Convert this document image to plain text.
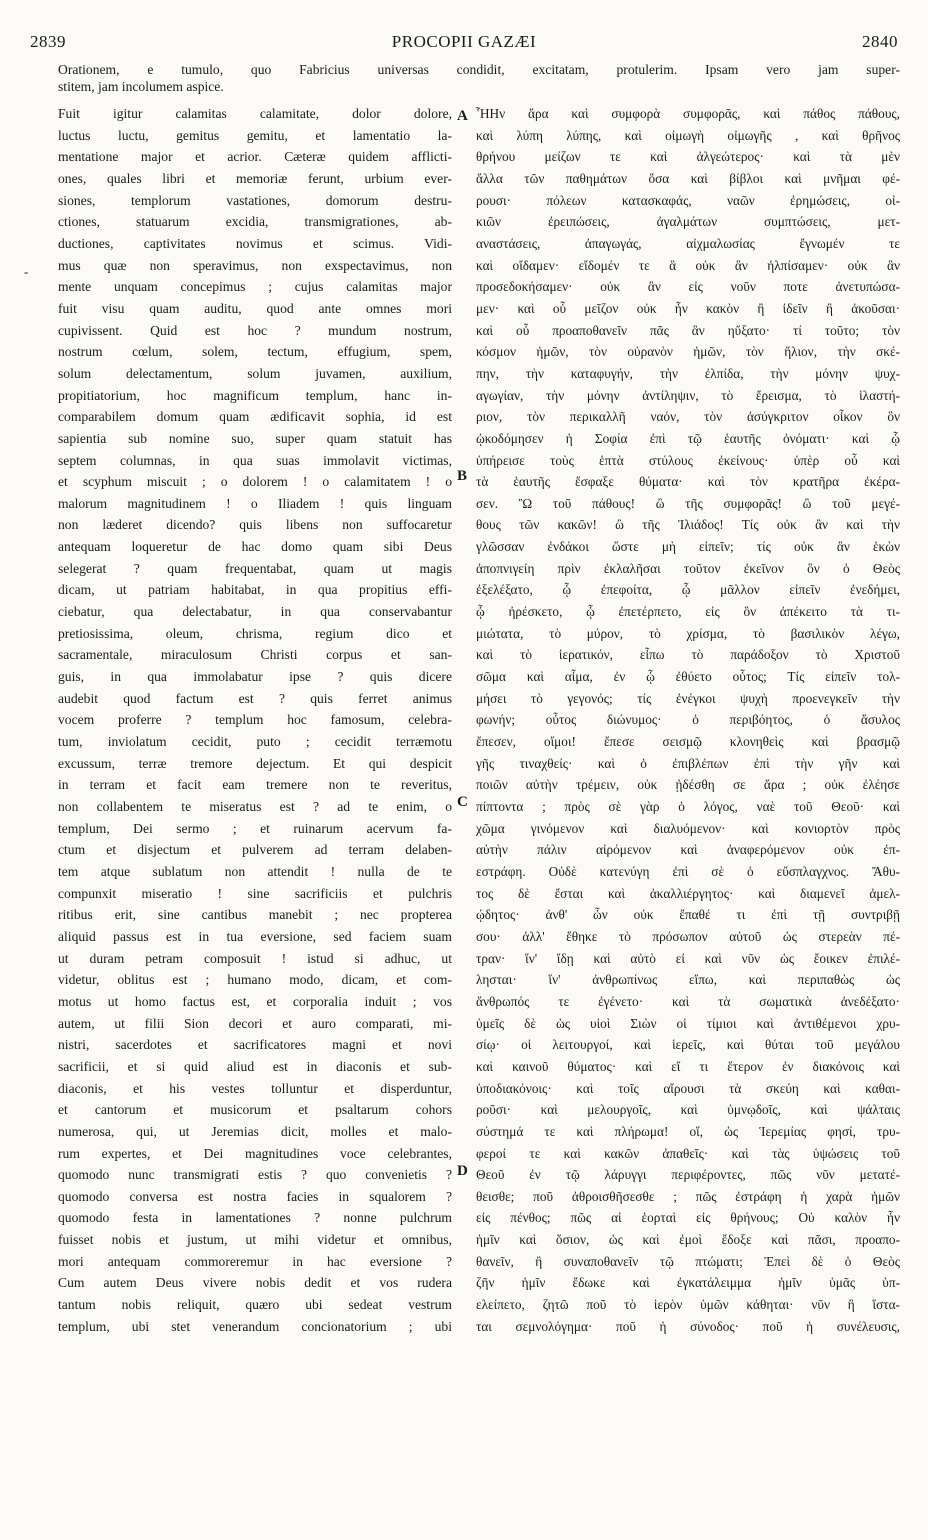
2839	PROCOPII GAZÆI	2840
Orationem, e tumulo, quo Fabricius universas condidit, excitatam, protulerim. Ipsam vero jam super-
stitem, jam incolumem aspice.
-
Fuit igitur calamitas calamitate, dolor dolore,
luctus luctu, gemitus gemitu, et lamentatio la-
mentatione major et acrior. Cæteræ quidem afflicti-
ones, quales libri et memoriæ ferunt, urbium ever-
siones, templorum vastationes, domorum destru-
ctiones, statuarum excidia, transmigrationes, ab-
ductiones, captivitates novimus et scimus. Vidi-
mus quæ non speravimus, non exspectavimus, non
mente unquam concepimus ; cujus calamitas major
fuit visu quam auditu, quod ante omnes mori
cupivissent. Quid est hoc ? mundum nostrum,
nostrum cœlum, solem, tectum, effugium, spem,
solum delectamentum, solum juvamen, auxilium,
propitiatorium, hoc magnificum templum, hanc in-
comparabilem domum quam ædificavit sophia, id est
sapientia sub nomine suo, super quam statuit has
septem columnas, in qua suas immolavit victimas,
et scyphum miscuit ; o dolorem ! o calamitatem ! o
malorum magnitudinem ! o Iliadem ! quis linguam
non læderet dicendo? quis libens non suffocaretur
antequam loqueretur de hac domo quam sibi Deus
selegerat ? quam frequentabat, quam ut magis
dicam, ut patriam habitabat, in qua propitius effi-
ciebatur, qua delectabatur, in qua conservabantur
pretiosissima, oleum, chrisma, regium dico et
sacramentale, miraculosum Christi corpus et san-
guis, in qua immolabatur ipse ? quis dicere
audebit quod factum est ? quis ferret animus
vocem proferre ? templum hoc famosum, celebra-
tum, inviolatum cecidit, puto ; cecidit terræmotu
excussum, terræ tremore dejectum. Et qui despicit
in terram et facit eam tremere non te reveritus,
non collabentem te miseratus est ? ad te enim, o
templum, Dei sermo ; et ruinarum acervum fa-
ctum et disjectum et pulverem ad terram delaben-
tem atque sublatum non attendit ! nulla de te
compunxit miseratio ! sine sacrificiis et pulchris
ritibus erit, sine cantibus manebit ; nec propterea
aliquid passus est in tua eversione, sed faciem suam
ut duram petram composuit ! istud si adhuc, ut
videtur, oblitus est ; humano modo, dicam, et com-
motus ut homo factus est, et corporalia induit ; vos
autem, ut filii Sion decori et auro comparati, mi-
nistri, sacerdotes et sacrificatores magni et novi
sacrificii, et si quid aliud est in diaconis et sub-
diaconis, et his vestes tolluntur et disperduntur,
et cantorum et musicorum et psaltarum cohors
numerosa, qui, ut Jeremias dicit, molles et malo-
rum expertes, et Dei magnitudines voce celebrantes,
quomodo nunc transmigrati estis ? quo convenietis ?
quomodo conversa est nostra facies in squalorem ?
quomodo festa in lamentationes ? nonne pulchrum
fuisset nobis et justum, ut mihi videtur et omnibus,
mori antequam commoreremur in hac eversione ?
Cum autem Deus vivere nobis dedit et vos rudera
tantum nobis reliquit, quæro ubi sedeat vestrum
templum, ubi stet venerandum concionatorium ; ubi
ἯΗν ἄρα καὶ συμφορὰ συμφορᾶς, καὶ πάθος πάθους,
καὶ λύπη λύπης, καὶ οἰμωγὴ οἰμωγῆς , καὶ θρῆνος
θρήνου μείζων τε καὶ ἀλγεώτερος· καὶ τὰ μὲν
ἄλλα τῶν παθημάτων ὅσα καὶ βίβλοι καὶ μνῆμαι φέ-
ρουσι· πόλεων κατασκαφάς, ναῶν ἐρημώσεις, οἰ-
κιῶν ἐρειπώσεις, ἀγαλμάτων συμπτώσεις, μετ-
αναστάσεις, ἀπαγωγάς, αἰχμαλωσίας ἔγνωμέν τε
καὶ οἴδαμεν· εἴδομέν τε ἃ οὐκ ἂν ἠλπίσαμεν· οὐκ ἂν
προσεδοκήσαμεν· οὐκ ἂν εἰς νοῦν ποτε ἀνετυπώσα-
μεν· καὶ οὗ μεῖζον οὐκ ἦν κακὸν ἢ ἰδεῖν ἢ ἀκοῦσαι·
καὶ οὗ προαποθανεῖν πᾶς ἂν ηὔξατο· τί τοῦτο; τὸν
κόσμον ἡμῶν, τὸν οὐρανὸν ἡμῶν, τὸν ἥλιον, τὴν σκέ-
πην, τὴν καταφυγήν, τὴν ἐλπίδα, τὴν μόνην ψυχ-
αγωγίαν, τὴν μόνην ἀντίληψιν, τὸ ἔρεισμα, τὸ ἱλαστή-
ριον, τὸν περικαλλῆ ναόν, τὸν ἀσύγκριτον οἶκον ὃν
ᾠκοδόμησεν ἡ Σοφία ἐπὶ τῷ ἑαυτῆς ὀνόματι· καὶ ᾧ
ὑπήρεισε τοὺς ἑπτὰ στύλους ἐκείνους· ὑπὲρ οὗ καὶ
τὰ ἑαυτῆς ἔσφαξε θύματα· καὶ τὸν κρατῆρα ἐκέρα-
σεν. Ὢ τοῦ πάθους! ὢ τῆς συμφορᾶς! ὢ τοῦ μεγέ-
θους τῶν κακῶν! ὢ τῆς Ἰλιάδος! Τίς οὐκ ἂν καὶ τὴν
γλῶσσαν ἐνδάκοι ὥστε μὴ εἰπεῖν; τίς οὐκ ἂν ἑκὼν
ἀποπνιγείη πρὶν ἐκλαλῆσαι τοῦτον ἐκεῖνον ὃν ὁ Θεὸς
ἐξελέξατο, ᾧ ἐπεφοίτα, ᾧ μᾶλλον εἰπεῖν ἐνεδήμει,
ᾧ ἠρέσκετο, ᾧ ἐπετέρπετο, εἰς ὃν ἀπέκειτο τὰ τι-
μιώτατα, τὸ μύρον, τὸ χρίσμα, τὸ βασιλικὸν λέγω,
καὶ τὸ ἱερατικόν, εἶπω τὸ παράδοξον τὸ Χριστοῦ
σῶμα καὶ αἷμα, ἐν ᾧ ἐθύετο οὗτος; Τίς εἰπεῖν τολ-
μήσει τὸ γεγονός; τίς ἐνέγκοι ψυχὴ προενεγκεῖν τὴν
φωνήν; οὗτος διώνυμος· ὁ περιβόητος, ὁ ἄσυλος
ἔπεσεν, οἴμοι! ἔπεσε σεισμῷ κλονηθεὶς καὶ βρασμῷ
γῆς τιναχθείς· καὶ ὁ ἐπιβλέπων ἐπὶ τὴν γῆν καὶ
ποιῶν αὐτὴν τρέμειν, οὐκ ᾐδέσθη σε ἄρα ; οὐκ ἐλέησε
πίπτοντα ; πρὸς σὲ γὰρ ὁ λόγος, ναὲ τοῦ Θεοῦ· καὶ
χῶμα γινόμενον καὶ διαλυόμενον· καὶ κονιορτὸν πρὸς
αὐτὴν πάλιν αἰρόμενον καὶ ἀναφερόμενον οὐκ ἐπ-
εστράφη. Οὐδὲ κατενύγη ἐπὶ σὲ ὁ εὔσπλαγχνος. Ἄθυ-
τος δὲ ἔσται καὶ ἀκαλλιέργητος· καὶ διαμενεῖ ἀμελ-
ῴδητος· ἀνθ' ὧν οὐκ ἔπαθέ τι ἐπὶ τῇ συντριβῇ
σου· ἀλλ' ἔθηκε τὸ πρόσωπον αὐτοῦ ὡς στερεὰν πέ-
τραν· ἵν' ἴδῃ καὶ αὐτὸ εἰ καὶ νῦν ὡς ἔοικεν ἐπιλέ-
λησται· ἵν' ἀνθρωπίνως εἴπω, καὶ περιπαθὼς ὡς
ἄνθρωπός τε ἐγένετο· καὶ τὰ σωματικὰ ἀνεδέξατο·
ὑμεῖς δὲ ὡς υἱοὶ Σιὼν οἱ τίμιοι καὶ ἀντιθέμενοι χρυ-
σίῳ· οἱ λειτουργοί, καὶ ἱερεῖς, καὶ θύται τοῦ μεγάλου
καὶ καινοῦ θύματος· καὶ εἴ τι ἕτερον ἐν διακόνοις καὶ
ὑποδιακόνοις· καὶ τοῖς αἴρουσι τὰ σκεύη καὶ καθαι-
ροῦσι· καὶ μελουργοῖς, καὶ ὑμνῳδοῖς, καὶ ψάλταις
σύστημά τε καὶ πλήρωμα! οἵ, ὡς Ἱερεμίας φησί, τρυ-
φεροί τε καὶ κακῶν ἀπαθεῖς· καὶ τὰς ὑψώσεις τοῦ
Θεοῦ ἐν τῷ λάρυγγι περιφέροντες, πῶς νῦν μετατέ-
θεισθε; ποῦ ἀθροισθῆσεσθε ; πῶς ἐστράφη ἡ χαρὰ ἡμῶν
εἰς πένθος; πῶς αἱ ἑορταὶ εἰς θρήνους; Οὐ καλὸν ἦν
ἡμῖν καὶ ὅσιον, ὡς καὶ ἐμοὶ ἔδοξε καὶ πᾶσι, προαπο-
θανεῖν, ἢ συναποθανεῖν τῷ πτώματι; Ἐπεὶ δὲ ὁ Θεὸς
ζῆν ἡμῖν ἔδωκε καὶ ἐγκατάλειμμα ἡμῖν ὑμᾶς ὑπ-
ελείπετο, ζητῶ ποῦ τὸ ἱερὸν ὑμῶν κάθηται· νῦν ἢ ἵστα-
ται σεμνολόγημα· ποῦ ἡ σύνοδος· ποῦ ἡ συνέλευσις,
A
B
C
D
